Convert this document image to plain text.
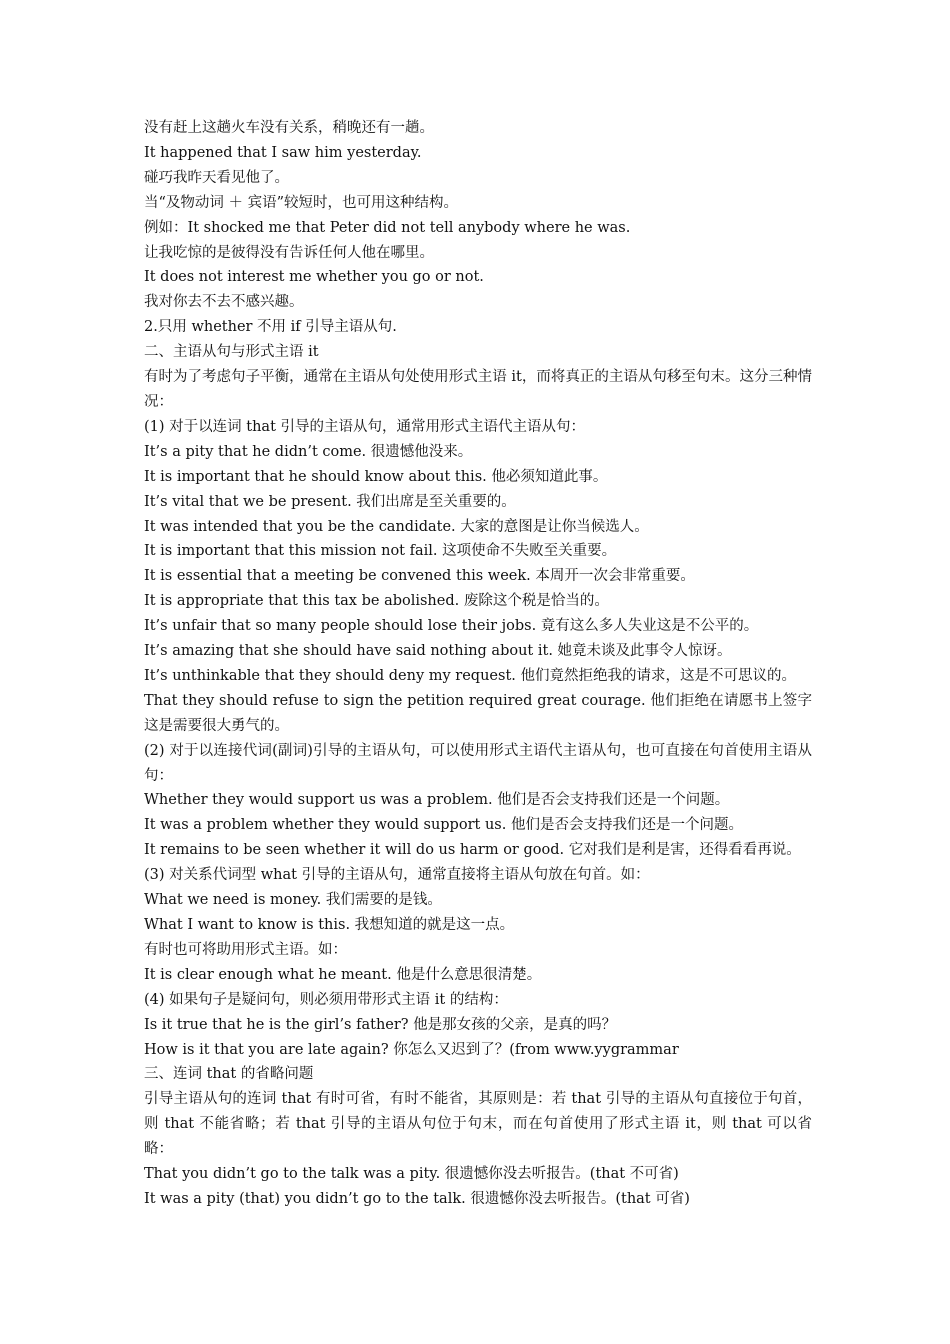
没有赶上这趟火车没有关系，稍晚还有一趟。

It happened that I saw him yesterday.

碰巧我昨天看见他了。

当“及物动词 ＋ 宾语”较短时，也可用这种结构。

例如：It shocked me that Peter did not tell anybody where he was.

让我吃惊的是彼得没有告诉任何人他在哪里。

It does not interest me whether you go or not.

我对你去不去不感兴趣。

2.只用 whether 不用 if 引导主语从句.

二、主语从句与形式主语 it

有时为了考虑句子平衡，通常在主语从句处使用形式主语 it，而将真正的主语从句移至句末。这分三种情况：

(1) 对于以连词 that 引导的主语从句，通常用形式主语代主语从句：

It’s a pity that he didn’t come. 很遗憾他没来。

It is important that he should know about this. 他必须知道此事。

It’s vital that we be present. 我们出席是至关重要的。

It was intended that you be the candidate. 大家的意图是让你当候选人。

It is important that this mission not fail. 这项使命不失败至关重要。

It is essential that a meeting be convened this week. 本周开一次会非常重要。

It is appropriate that this tax be abolished. 废除这个税是恰当的。

It’s unfair that so many people should lose their jobs. 竟有这么多人失业这是不公平的。

It’s amazing that she should have said nothing about it. 她竟未谈及此事令人惊讶。

It’s unthinkable that they should deny my request. 他们竟然拒绝我的请求，这是不可思议的。

That they should refuse to sign the petition required great courage. 他们拒绝在请愿书上签字这是需要很大勇气的。

(2) 对于以连接代词(副词)引导的主语从句，可以使用形式主语代主语从句，也可直接在句首使用主语从句：

Whether they would support us was a problem. 他们是否会支持我们还是一个问题。

It was a problem whether they would support us. 他们是否会支持我们还是一个问题。

It remains to be seen whether it will do us harm or good. 它对我们是利是害，还得看看再说。

(3) 对关系代词型 what 引导的主语从句，通常直接将主语从句放在句首。如：

What we need is money. 我们需要的是钱。

What I want to know is this. 我想知道的就是这一点。

有时也可将助用形式主语。如：

It is clear enough what he meant. 他是什么意思很清楚。

(4) 如果句子是疑问句，则必须用带形式主语 it 的结构：

Is it true that he is the girl’s father? 他是那女孩的父亲，是真的吗？

How is it that you are late again? 你怎么又迟到了？(from www.yygrammar

三、连词 that 的省略问题

引导主语从句的连词 that 有时可省，有时不能省，其原则是：若 that 引导的主语从句直接位于句首，则 that 不能省略；若 that 引导的主语从句位于句末，而在句首使用了形式主语 it，则 that 可以省略：

That you didn’t go to the talk was a pity. 很遗憾你没去听报告。(that 不可省)

It was a pity (that) you didn’t go to the talk. 很遗憾你没去听报告。(that 可省)
